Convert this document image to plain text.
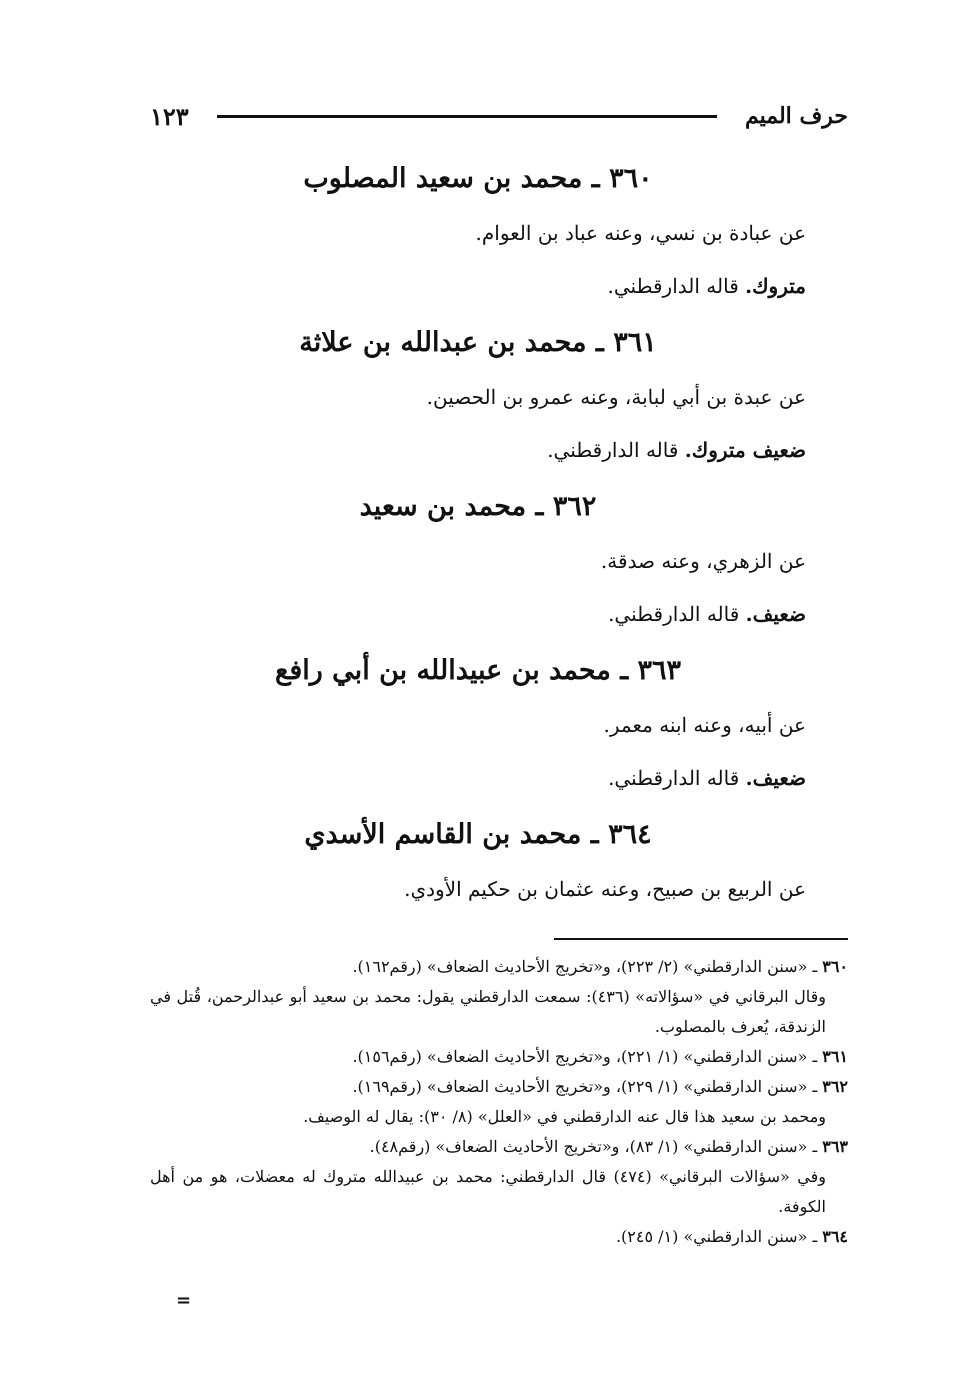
حرف الميم
١٢٣
٣٦٠ ـ محمد بن سعيد المصلوب

عن عبادة بن نسي، وعنه عباد بن العوام.

متروك. قاله الدارقطني.

٣٦١ ـ محمد بن عبدالله بن علاثة

عن عبدة بن أبي لبابة، وعنه عمرو بن الحصين.

ضعيف متروك. قاله الدارقطني.

٣٦٢ ـ محمد بن سعيد

عن الزهري، وعنه صدقة.

ضعيف. قاله الدارقطني.

٣٦٣ ـ محمد بن عبيدالله بن أبي رافع

عن أبيه، وعنه ابنه معمر.

ضعيف. قاله الدارقطني.

٣٦٤ ـ محمد بن القاسم الأسدي

عن الربيع بن صبيح، وعنه عثمان بن حكيم الأودي.

٣٦٠ ـ «سنن الدارقطني» (٢/ ٢٢٣)، و«تخريج الأحاديث الضعاف» (رقم١٦٢).

وقال البرقاني في «سؤالاته» (٤٣٦): سمعت الدارقطني يقول: محمد بن سعيد أبو عبدالرحمن، قُتل في الزندقة، يُعرف بالمصلوب.

٣٦١ ـ «سنن الدارقطني» (١/ ٢٢١)، و«تخريج الأحاديث الضعاف» (رقم١٥٦).

٣٦٢ ـ «سنن الدارقطني» (١/ ٢٢٩)، و«تخريج الأحاديث الضعاف» (رقم١٦٩).

ومحمد بن سعيد هذا قال عنه الدارقطني في «العلل» (٨/ ٣٠): يقال له الوصيف.

٣٦٣ ـ «سنن الدارقطني» (١/ ٨٣)، و«تخريج الأحاديث الضعاف» (رقم٤٨).

وفي «سؤالات البرقاني» (٤٧٤) قال الدارقطني: محمد بن عبيدالله متروك له معضلات، هو من أهل الكوفة.

٣٦٤ ـ «سنن الدارقطني» (١/ ٢٤٥).

=
